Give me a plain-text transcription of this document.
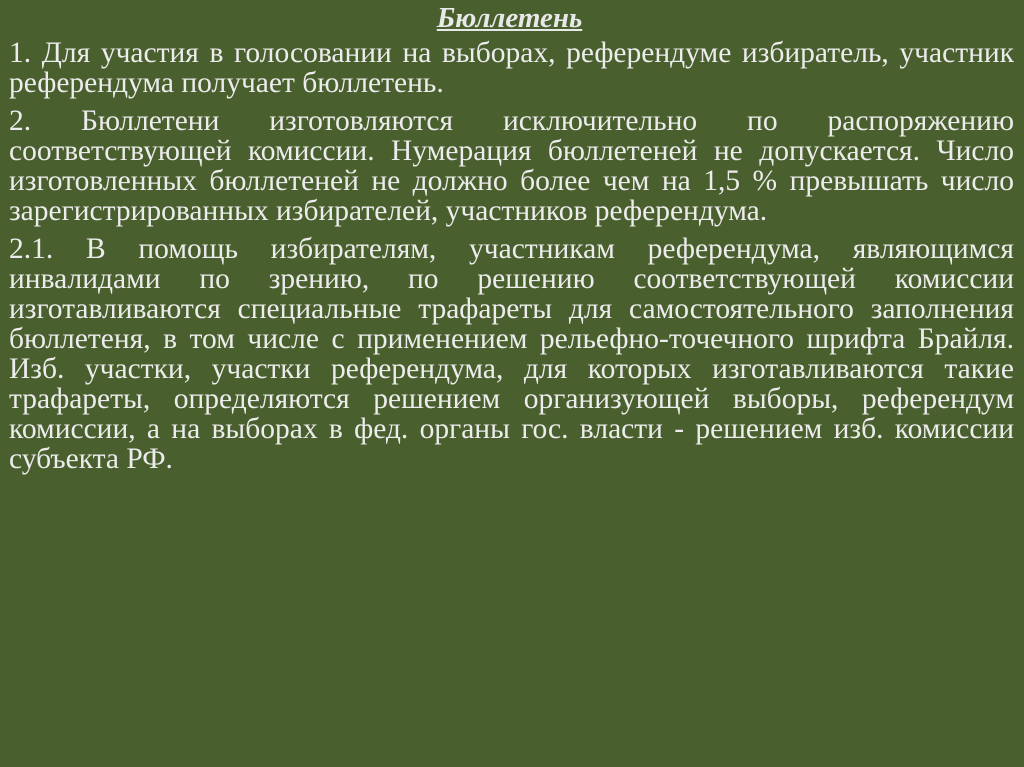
Бюллетень

1. Для участия в голосовании на выборах, референдуме избиратель, участник референдума получает бюллетень.

2. Бюллетени изготовляются исключительно по распоряжению соответствующей комиссии. Нумерация бюллетеней не допускается. Число изготовленных бюллетеней не должно более чем на 1,5 % превышать число зарегистрированных избирателей, участников референдума.

2.1. В помощь избирателям, участникам референдума, являющимся инвалидами по зрению, по решению соответствующей комиссии изготавливаются специальные трафареты для самостоятельного заполнения бюллетеня, в том числе с применением рельефно-точечного шрифта Брайля. Изб. участки, участки референдума, для которых изготавливаются такие трафареты, определяются решением организующей выборы, референдум комиссии, а на выборах в фед. органы гос. власти - решением изб. комиссии субъекта РФ.
